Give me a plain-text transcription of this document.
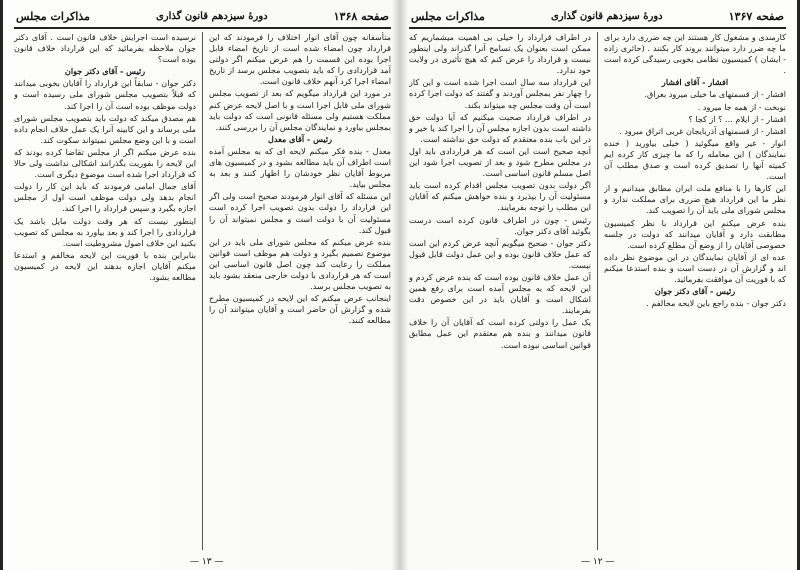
صفحه ۱۳۶۸
دورهٔ سیزدهم قانون گذاری
مذاکرات مجلس

متأسفانه چون آقای انوار اختلاف را فرمودند که این قرارداد چون امضاء شده است از تاریخ امضاء قابل اجرا بوده این قسمت را هم عرض میکنم اگر دولتی آمد قراردادی را که باید بتصویب مجلس برسد از تاریخ امضاء اجرا کرد آنهم خلاف قانون است.

در مورد این قرارداد میگویم که بعد از تصویب مجلس شورای ملی قابل اجرا است و با اصل لایحه عرض کنم مملکت هستیم ولی مسئله قانونی است که دولت باید بمجلس بیاورد و نمایندگان مجلس آن را بررسی کنند.

رئیس - آقای معدل

معدل - بنده فکر میکنم لایحه ای که به مجلس آمده است اطراف آن باید مطالعه بشود و در کمیسیون های مربوط آقایان نظر خودشان را اظهار کنند و بعد به مجلس بیاید.

این مسئله که آقای انوار فرمودند صحیح است ولی اگر این قرارداد را دولت بدون تصویب اجرا کرده است مسئولیت آن با دولت است و مجلس نمیتواند آن را قبول کند.

بنده عرض میکنم که مجلس شورای ملی باید در این موضوع تصمیم بگیرد و دولت هم موظف است قوانین مملکت را رعایت کند چون اصل قانون اساسی این است که هر قراردادی با دولت خارجی منعقد بشود باید به تصویب مجلس برسد.

اینجانب عرض میکنم که این لایحه در کمیسیون مطرح شده و گزارش آن حاضر است و آقایان میتوانند آن را مطالعه کنند.

نرسیده است اجرایش خلاف قانون است . آقای دکتر جوان ملاحظه بفرمائید که این قرارداد خلاف قانون بوده است؟

رئیس - آقای دکتر جوان

دکتر جوان - سابقاً این قرارداد را آقایان بخوبی میدانند که قبلاً بتصویب مجلس شورای ملی رسیده است و دولت موظف بوده است آن را اجرا کند.

هم مصدق میکند که دولت باید بتصویب مجلس شورای ملی برساند و این کابینه آنرا یک عمل خلاف انجام داده است و با این وضع مجلس نمیتواند سکوت کند.

بنده عرض میکنم اگر از مجلس تقاضا کرده بودند که این لایحه را بفوریت بگذرانند اشکالی نداشت ولی حالا که قرارداد اجرا شده است موضوع دیگری است.

آقای جمال امامی فرمودند که باید این کار را دولت انجام بدهد ولی دولت موظف است اول از مجلس اجازه بگیرد و سپس قرارداد را اجرا کند.

اینطور نیست که هر وقت دولت مایل باشد یک قراردادی را اجرا کند و بعد بیاورد به مجلس که تصویب بکنید این خلاف اصول مشروطیت است.

بنابراین بنده با فوریت این لایحه مخالفم و استدعا میکنم آقایان اجازه بدهند این لایحه در کمیسیون مطالعه بشود.

— ۱۳ —
صفحه ۱۳۶۷
دورهٔ سیزدهم قانون گذاری
مذاکرات مجلس

کارمندی و مشغول کار هستند این چه ضرری دارد برای ما چه ضرر دارد میتوانند بروند کار بکنند . (حائری زاده - ایشان ) کمیسیون نظامی بخوبی رسیدگی کرده است .

افشار - آقای افشار

افشار - از قسمتهای ما خیلی میرود بعراق.

نوبخت - از همه جا میرود .

افشار - از ایلام ... ؟ از کجا ؟

افشار - از قسمتهای آذربایجان غربی اتراق میرود .

انوار - غیر واقع میگوئید ( خیلی بیاورید ( خنده نمایندگان ) این معامله را که ما چیزی کار کرده ایم کمیته آنها را تصدیق کرده است و صدق مطلب آن است.

این کارها را با منافع ملت ایران مطابق میدانیم و از نظر ما این قرارداد هیچ ضرری برای مملکت ندارد و مجلس شورای ملی باید آن را تصویب کند.

بنده عرض میکنم این قرارداد با نظر کمیسیون مطابقت دارد و آقایان میدانند که دولت در جلسه خصوصی آقایان را از وضع آن مطلع کرده است.

عده ای از آقایان نمایندگان در این موضوع نظر داده اند و گزارش آن در دست است و بنده استدعا میکنم که با فوریت آن موافقت بفرمائید.

رئیس - آقای دکتر جوان

دکتر جوان - بنده راجع باین لایحه مخالفم .

در اطراف قرارداد را خیلی بی اهمیت میشماریم که ممکن است بعنوان یک تسامح آنرا گذراند ولی اینطور نیست و قرارداد را عرض کنم که هیچ تأثیری در ولایت خود ندارد.

این قرارداد سه سال است اجرا شده است و این کار را چهار نفر بمجلس آوردند و گفتند که دولت اجرا کرده است آن وقت مجلس چه میتواند بکند.

در اطراف قرارداد صحبت میکنیم که آیا دولت حق داشته است بدون اجازه مجلس آن را اجرا کند یا خیر و در این باب بنده معتقدم که دولت حق نداشته است.

آنچه صحیح است این است که هر قراردادی باید اول در مجلس مطرح شود و بعد از تصویب اجرا شود این اصل مسلم قانون اساسی است.

اگر دولت بدون تصویب مجلس اقدام کرده است باید مسئولیت آن را بپذیرد و بنده خواهش میکنم که آقایان این مطلب را توجه بفرمایند.

رئیس - چون در اطراف قانون کرده است درست بگوئید آقای دکتر جوان.

دکتر جوان - صحیح میگویم آنچه عرض کردم این است که عمل خلاف قانون بوده و این عمل دولت قابل قبول نیست.

آن عمل خلاف قانون بوده است که بنده عرض کردم و این لایحه که به مجلس آمده است برای رفع همین اشکال است و آقایان باید در این خصوص دقت بفرمایند.

یک عمل را دولتی کرده است که آقایان آن را خلاف قانون میدانند و بنده هم معتقدم این عمل مطابق قوانین اساسی نبوده است.

— ۱۲ —
